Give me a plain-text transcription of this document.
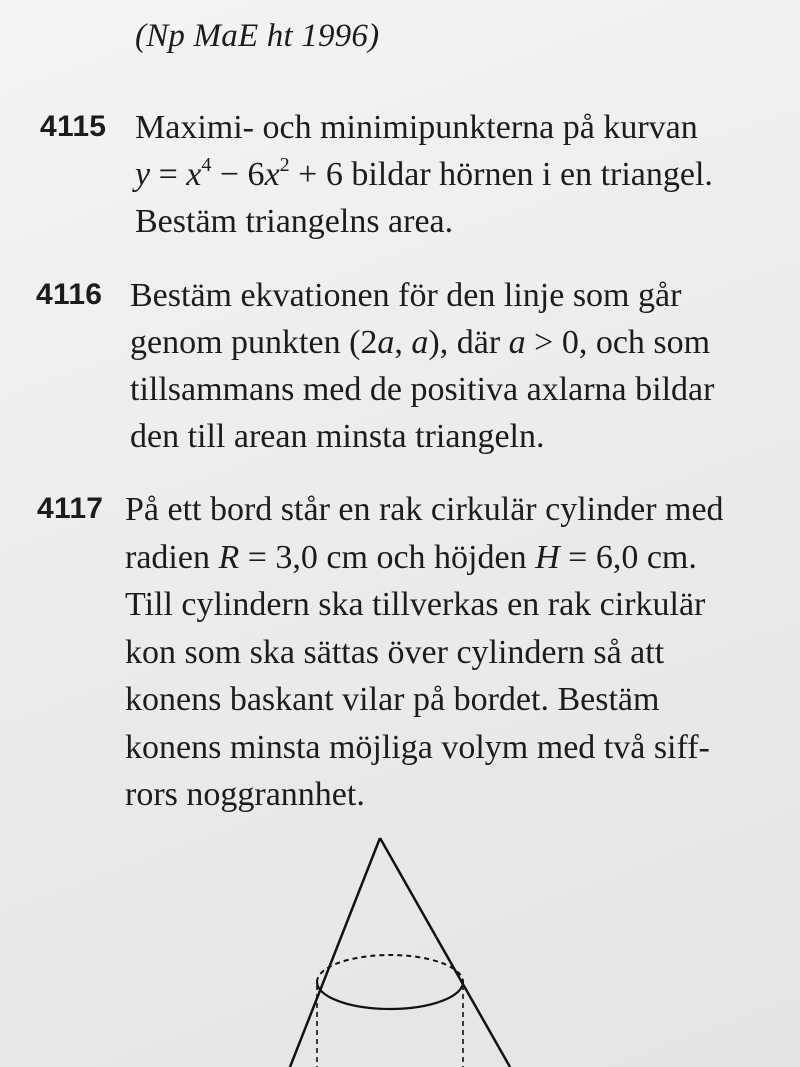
(Np MaE ht 1996)
4115 Maximi- och minimipunkterna på kurvan
$y = x^4 - 6x^2 + 6$ bildar hörnen i en triangel.
Bestäm triangelns area.
4116 Bestäm ekvationen för den linje som går
genom punkten (2a, a), där a > 0, och som
tillsammans med de positiva axlarna bildar
den till arean minsta triangeln.
4117 På ett bord står en rak cirkulär cylinder med
radien R = 3,0 cm och höjden H = 6,0 cm.
Till cylindern ska tillverkas en rak cirkulär
kon som ska sättas över cylindern så att
konens baskant vilar på bordet. Bestäm
konens minsta möjliga volym med två siff-
rors noggrannhet.
